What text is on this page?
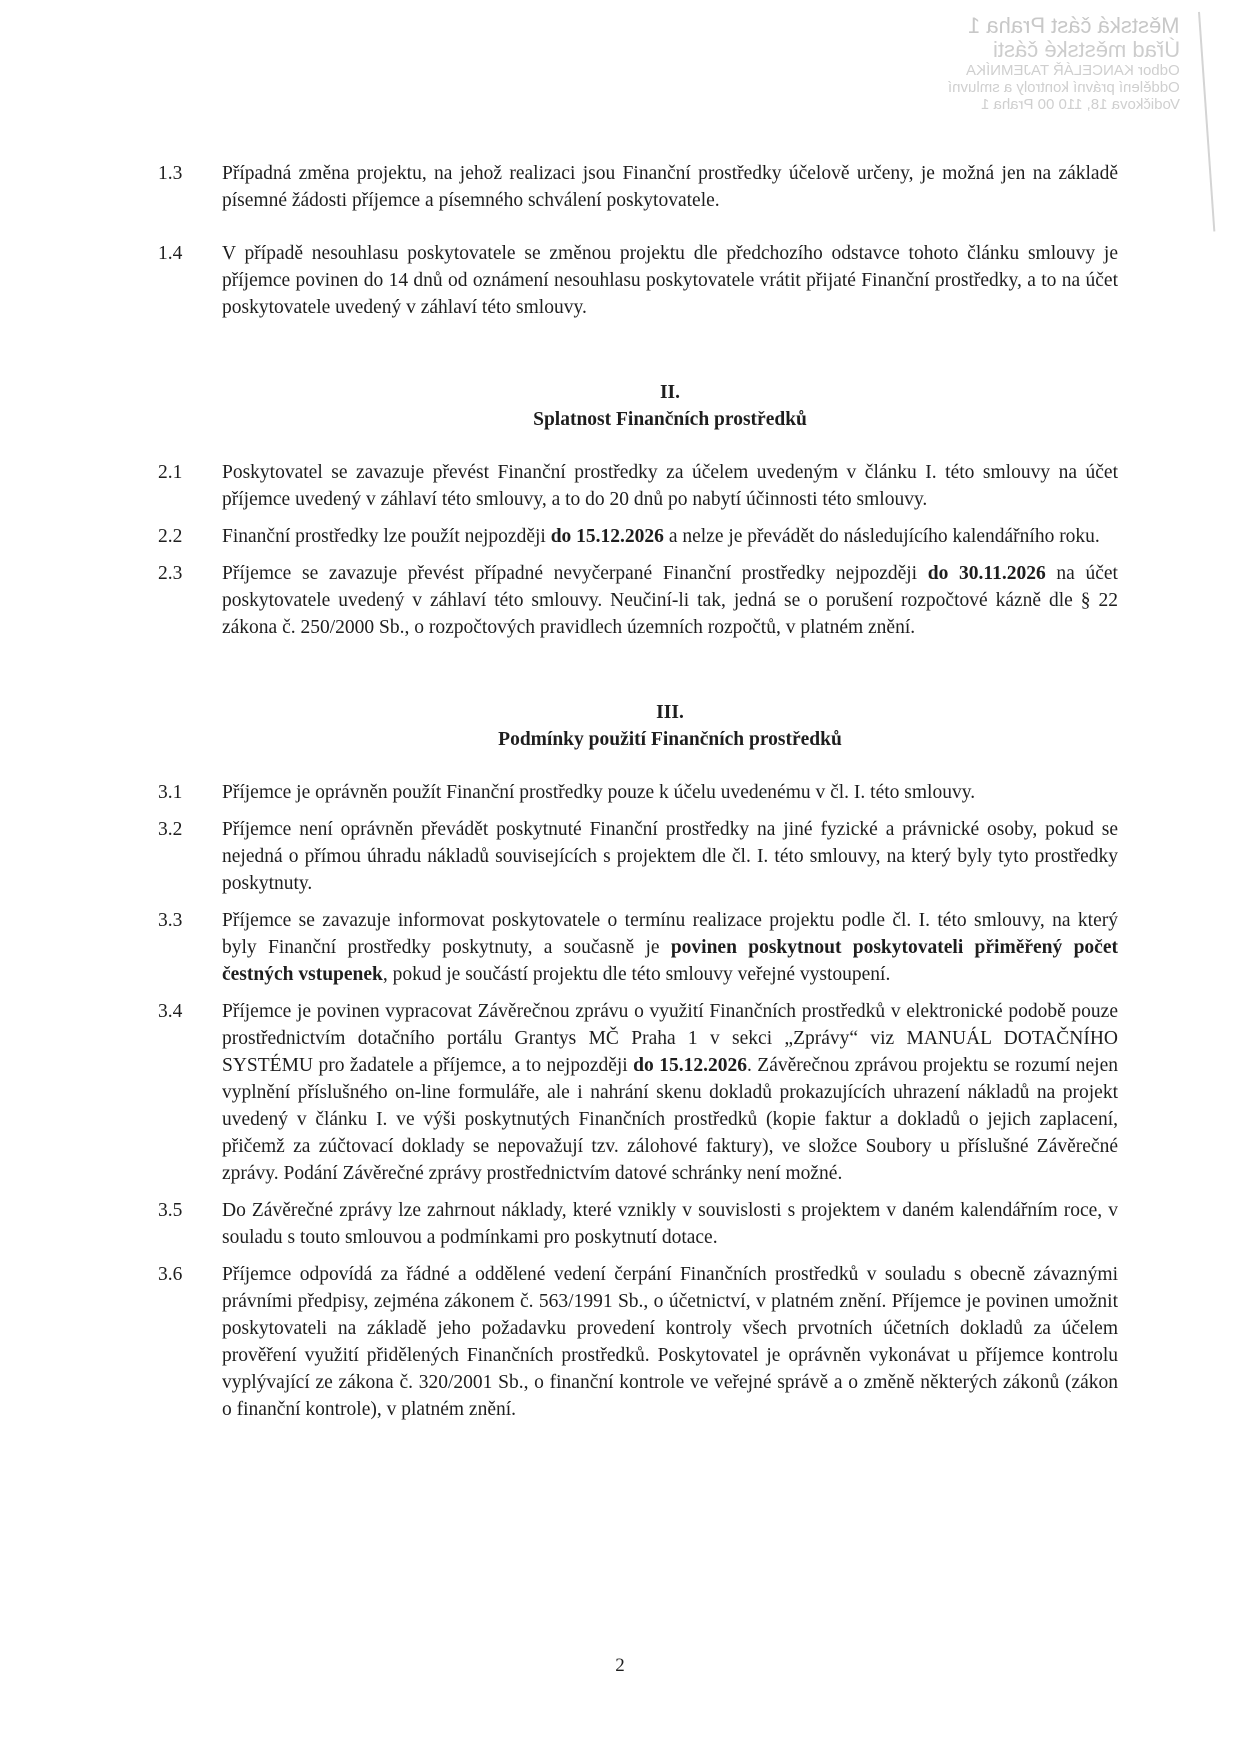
Městská část Praha 1
Úřad městské části
Odbor KANCELÁŘ TAJEMNÍKA
Oddělení právní kontroly a smluvní
Vodičkova 18, 110 00 Praha 1
1.3	Případná změna projektu, na jehož realizaci jsou Finanční prostředky účelově určeny, je možná jen na základě písemné žádosti příjemce a písemného schválení poskytovatele.
1.4	V případě nesouhlasu poskytovatele se změnou projektu dle předchozího odstavce tohoto článku smlouvy je příjemce povinen do 14 dnů od oznámení nesouhlasu poskytovatele vrátit přijaté Finanční prostředky, a to na účet poskytovatele uvedený v záhlaví této smlouvy.
II.
Splatnost Finančních prostředků
2.1	Poskytovatel se zavazuje převést Finanční prostředky za účelem uvedeným v článku I. této smlouvy na účet příjemce uvedený v záhlaví této smlouvy, a to do 20 dnů po nabytí účinnosti této smlouvy.
2.2	Finanční prostředky lze použít nejpozději do 15.12.2026 a nelze je převádět do následujícího kalendářního roku.
2.3	Příjemce se zavazuje převést případné nevyčerpané Finanční prostředky nejpozději do 30.11.2026 na účet poskytovatele uvedený v záhlaví této smlouvy. Neučiní-li tak, jedná se o porušení rozpočtové kázně dle § 22 zákona č. 250/2000 Sb., o rozpočtových pravidlech územních rozpočtů, v platném znění.
III.
Podmínky použití Finančních prostředků
3.1	Příjemce je oprávněn použít Finanční prostředky pouze k účelu uvedenému v čl. I. této smlouvy.
3.2	Příjemce není oprávněn převádět poskytnuté Finanční prostředky na jiné fyzické a právnické osoby, pokud se nejedná o přímou úhradu nákladů souvisejících s projektem dle čl. I. této smlouvy, na který byly tyto prostředky poskytnuty.
3.3	Příjemce se zavazuje informovat poskytovatele o termínu realizace projektu podle čl. I. této smlouvy, na který byly Finanční prostředky poskytnuty, a současně je povinen poskytnout poskytovateli přiměřený počet čestných vstupenek, pokud je součástí projektu dle této smlouvy veřejné vystoupení.
3.4	Příjemce je povinen vypracovat Závěrečnou zprávu o využití Finančních prostředků v elektronické podobě pouze prostřednictvím dotačního portálu Grantys MČ Praha 1 v sekci „Zprávy“ viz MANUÁL DOTAČNÍHO SYSTÉMU pro žadatele a příjemce, a to nejpozději do 15.12.2026. Závěrečnou zprávou projektu se rozumí nejen vyplnění příslušného on-line formuláře, ale i nahrání skenu dokladů prokazujících uhrazení nákladů na projekt uvedený v článku I. ve výši poskytnutých Finančních prostředků (kopie faktur a dokladů o jejich zaplacení, přičemž za zúčtovací doklady se nepovažují tzv. zálohové faktury), ve složce Soubory u příslušné Závěrečné zprávy. Podání Závěrečné zprávy prostřednictvím datové schránky není možné.
3.5	Do Závěrečné zprávy lze zahrnout náklady, které vznikly v souvislosti s projektem v daném kalendářním roce, v souladu s touto smlouvou a podmínkami pro poskytnutí dotace.
3.6	Příjemce odpovídá za řádné a oddělené vedení čerpání Finančních prostředků v souladu s obecně závaznými právními předpisy, zejména zákonem č. 563/1991 Sb., o účetnictví, v platném znění. Příjemce je povinen umožnit poskytovateli na základě jeho požadavku provedení kontroly všech prvotních účetních dokladů za účelem prověření využití přidělených Finančních prostředků. Poskytovatel je oprávněn vykonávat u příjemce kontrolu vyplývající ze zákona č. 320/2001 Sb., o finanční kontrole ve veřejné správě a o změně některých zákonů (zákon o finanční kontrole), v platném znění.
2
